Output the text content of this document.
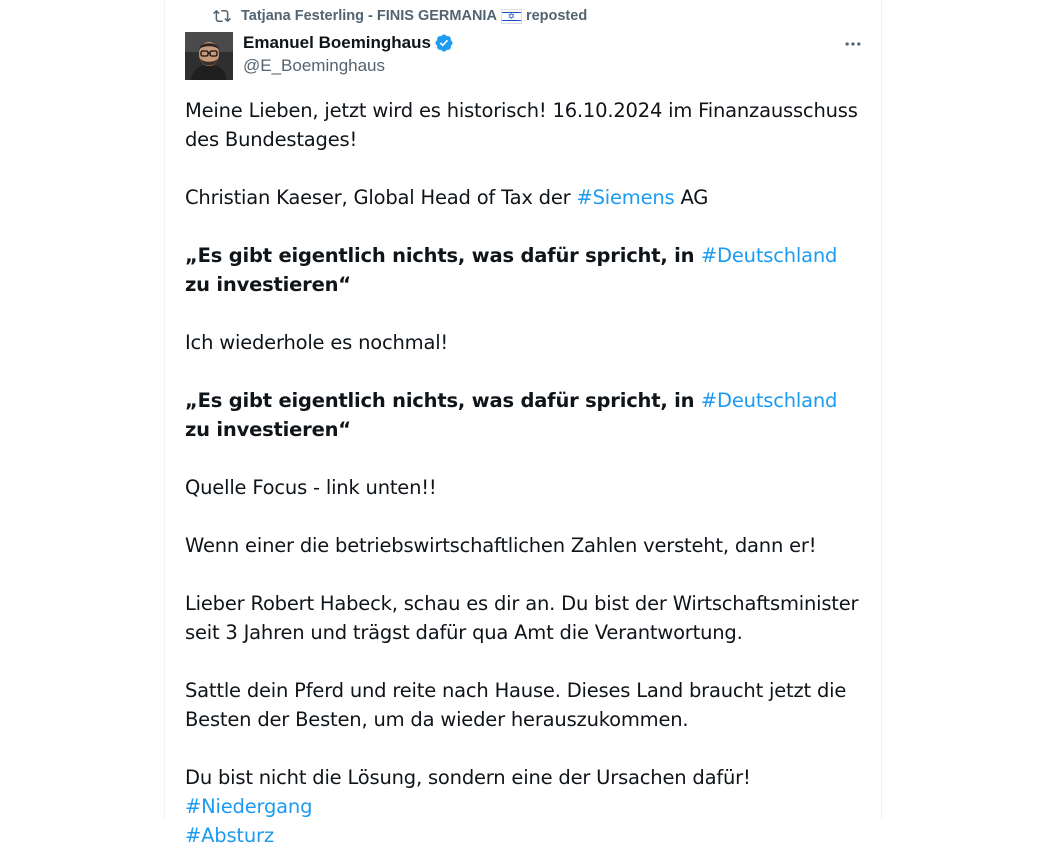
Tatjana Festerling - FINIS GERMANIA
✡ reposted
Emanuel Boeminghaus
@E_Boeminghaus

Meine Lieben, jetzt wird es historisch! 16.10.2024 im Finanzausschuss des Bundestages!

Christian Kaeser, Global Head of Tax der #Siemens AG

„Es gibt eigentlich nichts, was dafür spricht, in #Deutschland zu investieren“

Ich wiederhole es nochmal!

„Es gibt eigentlich nichts, was dafür spricht, in #Deutschland zu investieren“

Quelle Focus - link unten!!

Wenn einer die betriebswirtschaftlichen Zahlen versteht, dann er!

Lieber Robert Habeck, schau es dir an. Du bist der Wirtschaftsminister seit 3 Jahren und trägst dafür qua Amt die Verantwortung.

Sattle dein Pferd und reite nach Hause. Dieses Land braucht jetzt die Besten der Besten, um da wieder herauszukommen.

Du bist nicht die Lösung, sondern eine der Ursachen dafür! #Niedergang
#Absturz
